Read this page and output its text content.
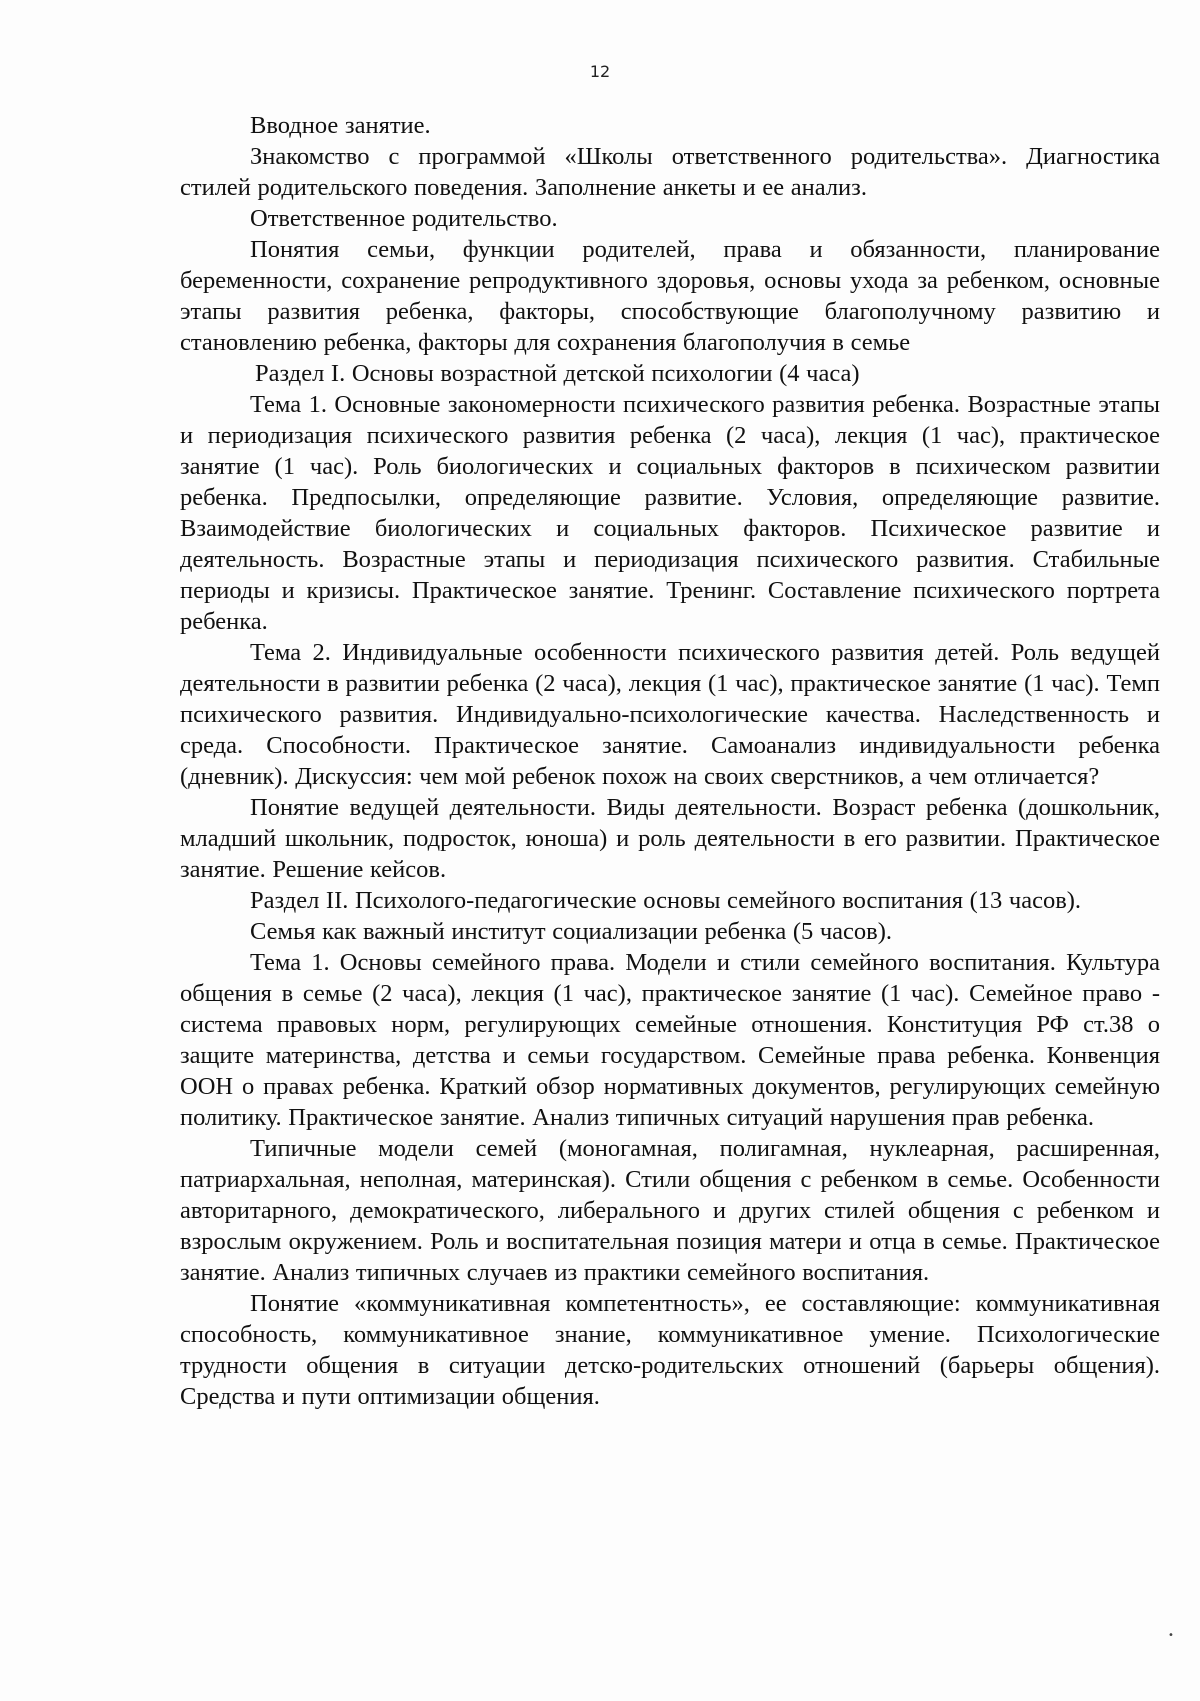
12

Вводное занятие.

Знакомство с программой «Школы ответственного родительства». Диагностика стилей родительского поведения. Заполнение анкеты и ее анализ.

Ответственное родительство.

Понятия семьи, функции родителей, права и обязанности, планирование беременности, сохранение репродуктивного здоровья, основы ухода за ребенком, основные этапы развития ребенка, факторы, способствующие благополучному развитию и становлению ребенка, факторы для сохранения благополучия в семье

Раздел I. Основы возрастной детской психологии (4 часа)

Тема 1. Основные закономерности психического развития ребенка. Возрастные этапы и периодизация психического развития ребенка (2 часа), лекция (1 час), практическое занятие (1 час). Роль биологических и социальных факторов в психическом развитии ребенка. Предпосылки, определяющие развитие. Условия, определяющие развитие. Взаимодействие биологических и социальных факторов. Психическое развитие и деятельность. Возрастные этапы и периодизация психического развития. Стабильные периоды и кризисы. Практическое занятие. Тренинг. Составление психического портрета ребенка.

Тема 2. Индивидуальные особенности психического развития детей. Роль ведущей деятельности в развитии ребенка (2 часа), лекция (1 час), практическое занятие (1 час). Темп психического развития. Индивидуально-психологические качества. Наследственность и среда. Способности. Практическое занятие. Самоанализ индивидуальности ребенка (дневник). Дискуссия: чем мой ребенок похож на своих сверстников, а чем отличается?

Понятие ведущей деятельности. Виды деятельности. Возраст ребенка (дошкольник, младший школьник, подросток, юноша) и роль деятельности в его развитии. Практическое занятие. Решение кейсов.

Раздел II. Психолого-педагогические основы семейного воспитания (13 часов).

Семья как важный институт социализации ребенка (5 часов).

Тема 1. Основы семейного права. Модели и стили семейного воспитания. Культура общения в семье (2 часа), лекция (1 час), практическое занятие (1 час). Семейное право - система правовых норм, регулирующих семейные отношения. Конституция РФ ст.38 о защите материнства, детства и семьи государством. Семейные права ребенка. Конвенция ООН о правах ребенка. Краткий обзор нормативных документов, регулирующих семейную политику. Практическое занятие. Анализ типичных ситуаций нарушения прав ребенка.

Типичные модели семей (моногамная, полигамная, нуклеарная, расширенная, патриархальная, неполная, материнская). Стили общения с ребенком в семье. Особенности авторитарного, демократического, либерального и других стилей общения с ребенком и взрослым окружением. Роль и воспитательная позиция матери и отца в семье. Практическое занятие. Анализ типичных случаев из практики семейного воспитания.

Понятие «коммуникативная компетентность», ее составляющие: коммуникативная способность, коммуникативное знание, коммуникативное умение. Психологические трудности общения в ситуации детско-родительских отношений (барьеры общения). Средства и пути оптимизации общения.

•
